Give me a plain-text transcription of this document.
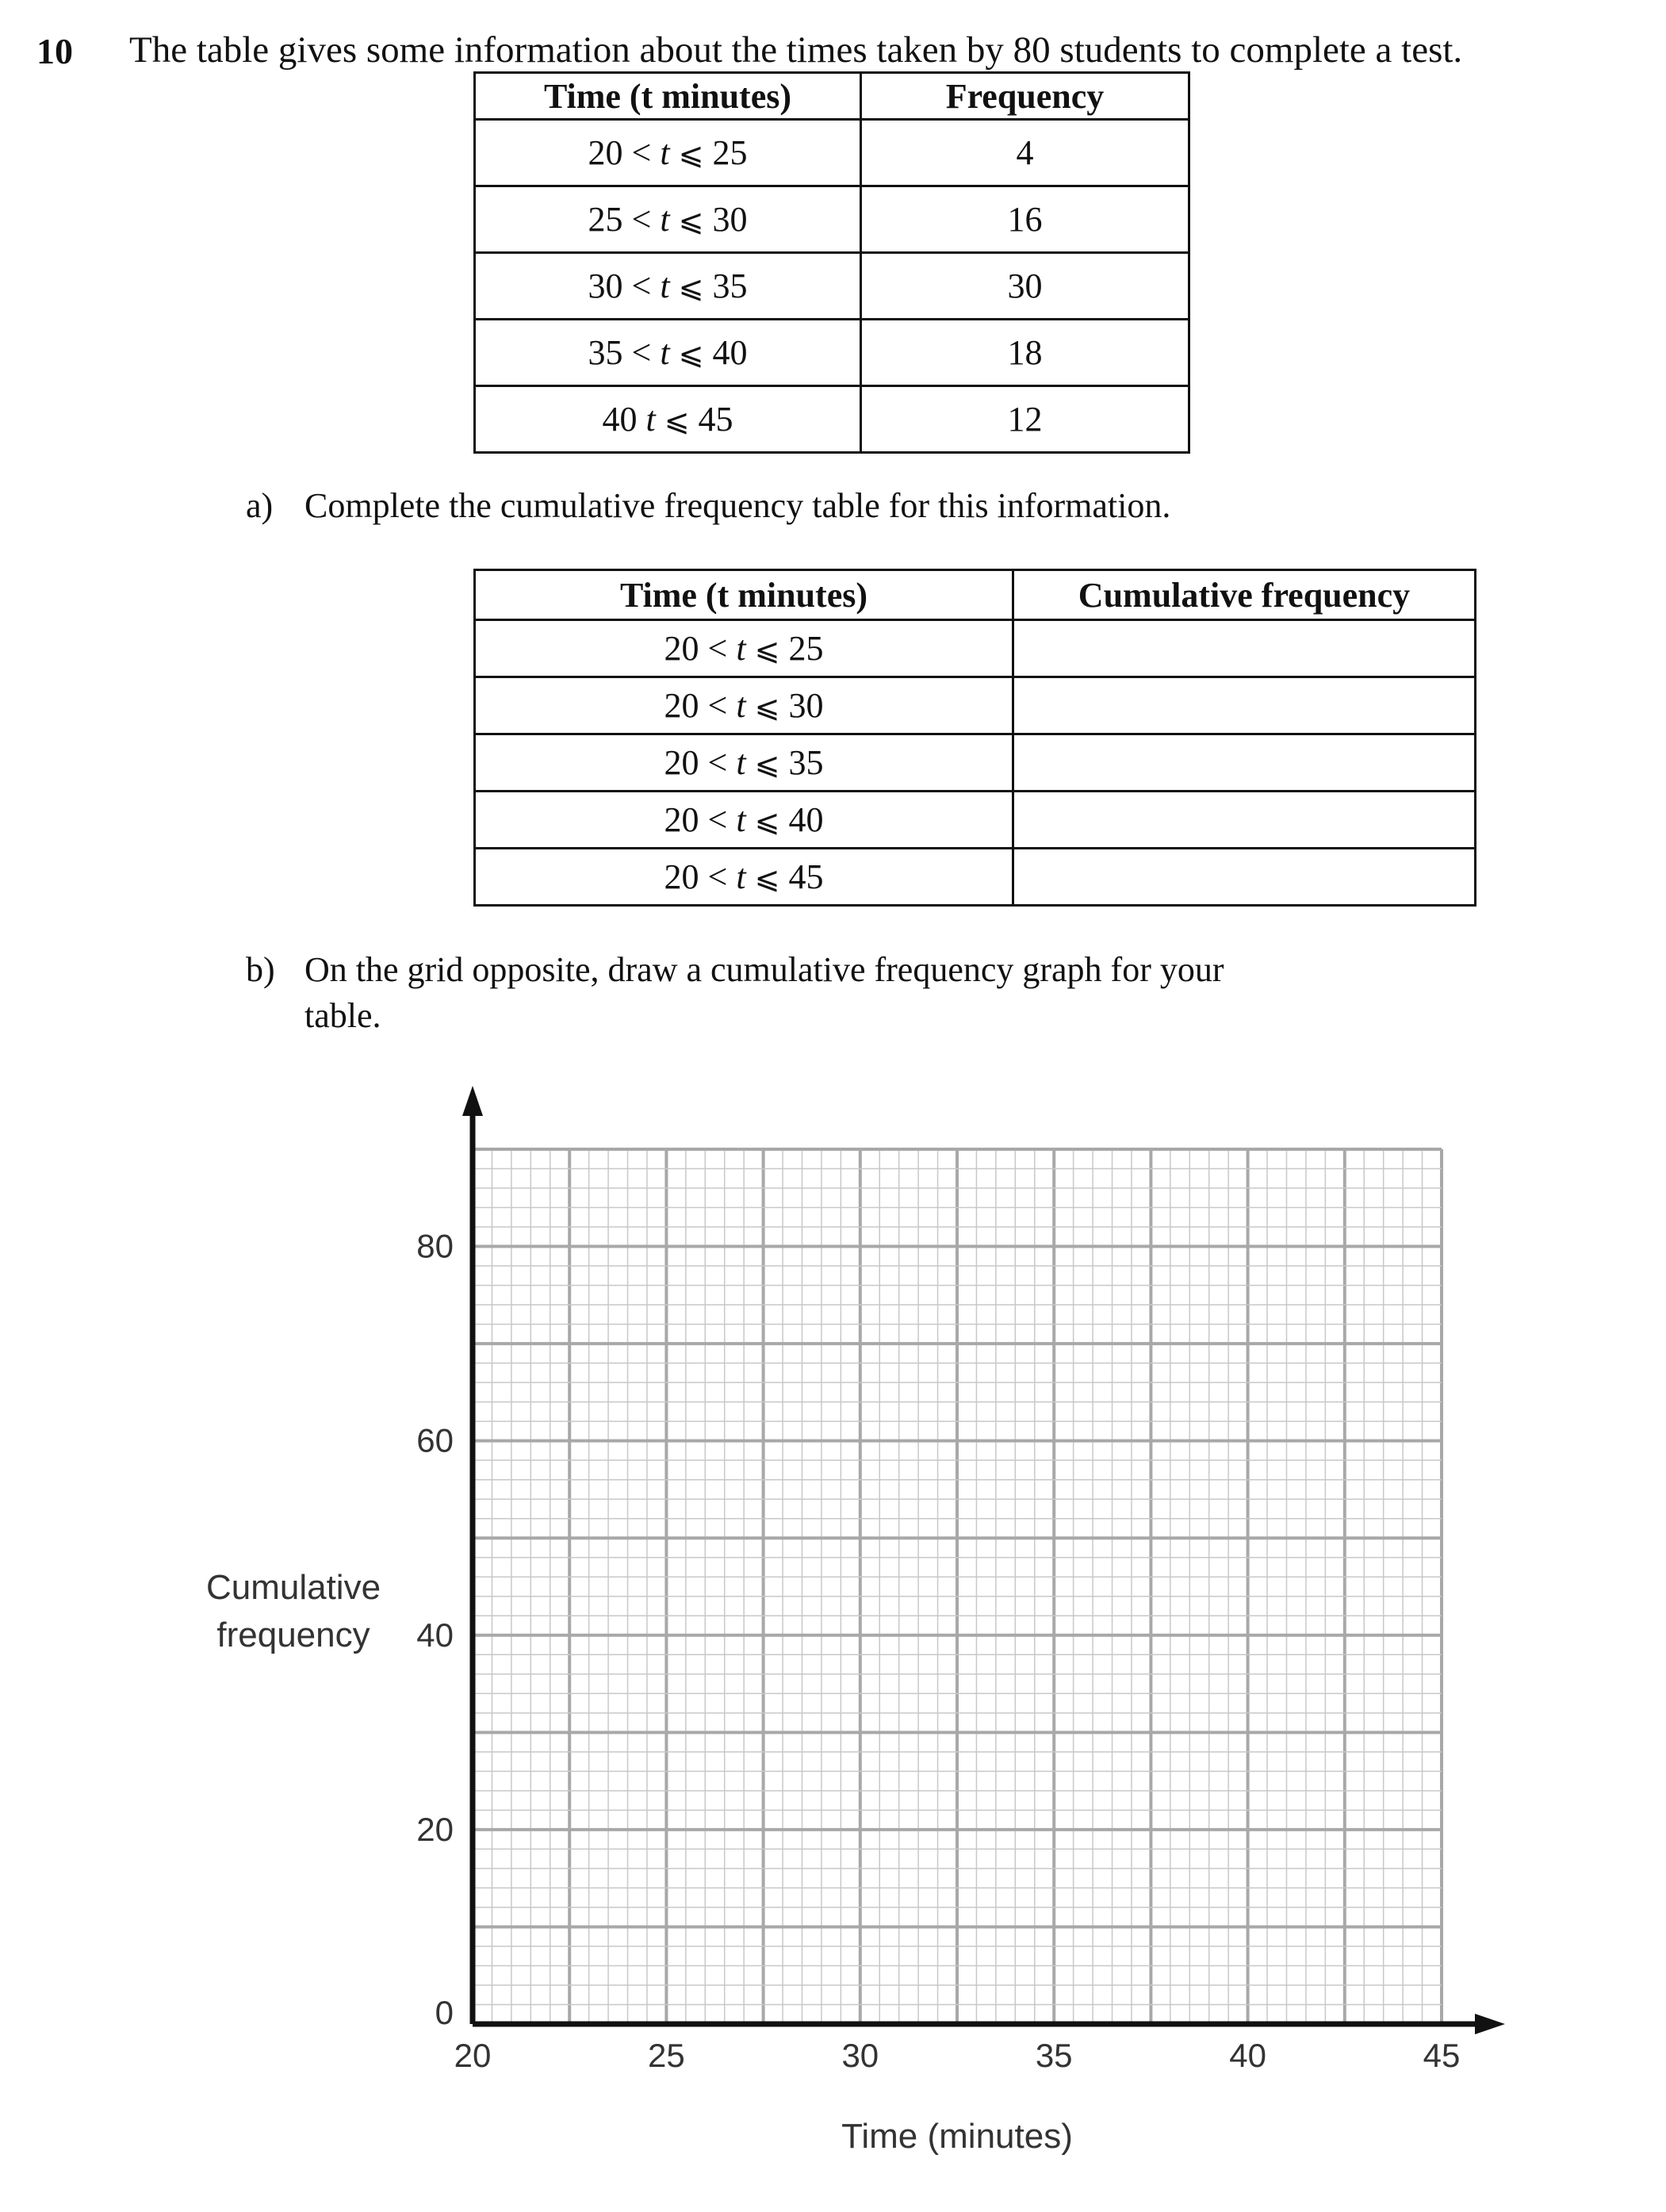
10 The table gives some information about the times taken by 80 students to complete a test.
Time (t minutes)	Frequency
20 < t ⩽ 25	4
25 < t ⩽ 30	16
30 < t ⩽ 35	30
35 < t ⩽ 40	18
40 t ⩽ 45	12
a) Complete the cumulative frequency table for this information.
Time (t minutes)	Cumulative frequency
20 < t ⩽ 25	
20 < t ⩽ 30	
20 < t ⩽ 35	
20 < t ⩽ 40	
20 < t ⩽ 45	
b) On the grid opposite, draw a cumulative frequency graph for your
table.
20	25	30	35	40	45
0
20
40
60
80
Time (minutes)
Cumulative
frequency
